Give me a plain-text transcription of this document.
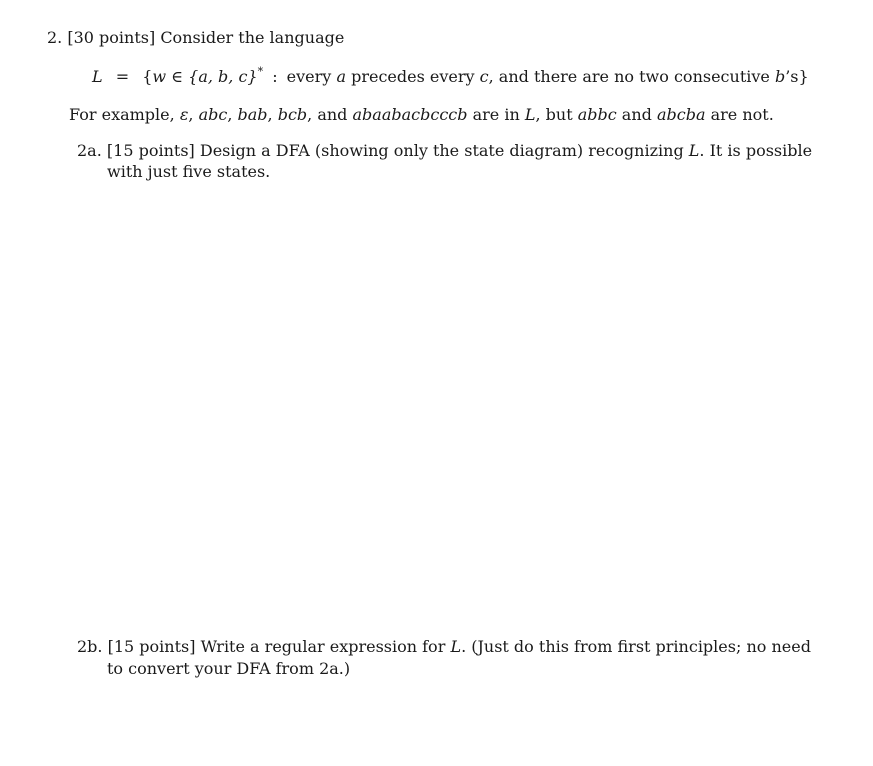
2. [30 points] Consider the language
L = {w ∈ {a, b, c}* : every a precedes every c, and there are no two consecutive b’s}
For example, ε, abc, bab, bcb, and abaabacbcccb are in L, but abbc and abcba are not.
2a. [15 points] Design a DFA (showing only the state diagram) recognizing L. It is possible
with just five states.
2b. [15 points] Write a regular expression for L. (Just do this from first principles; no need
to convert your DFA from 2a.)
